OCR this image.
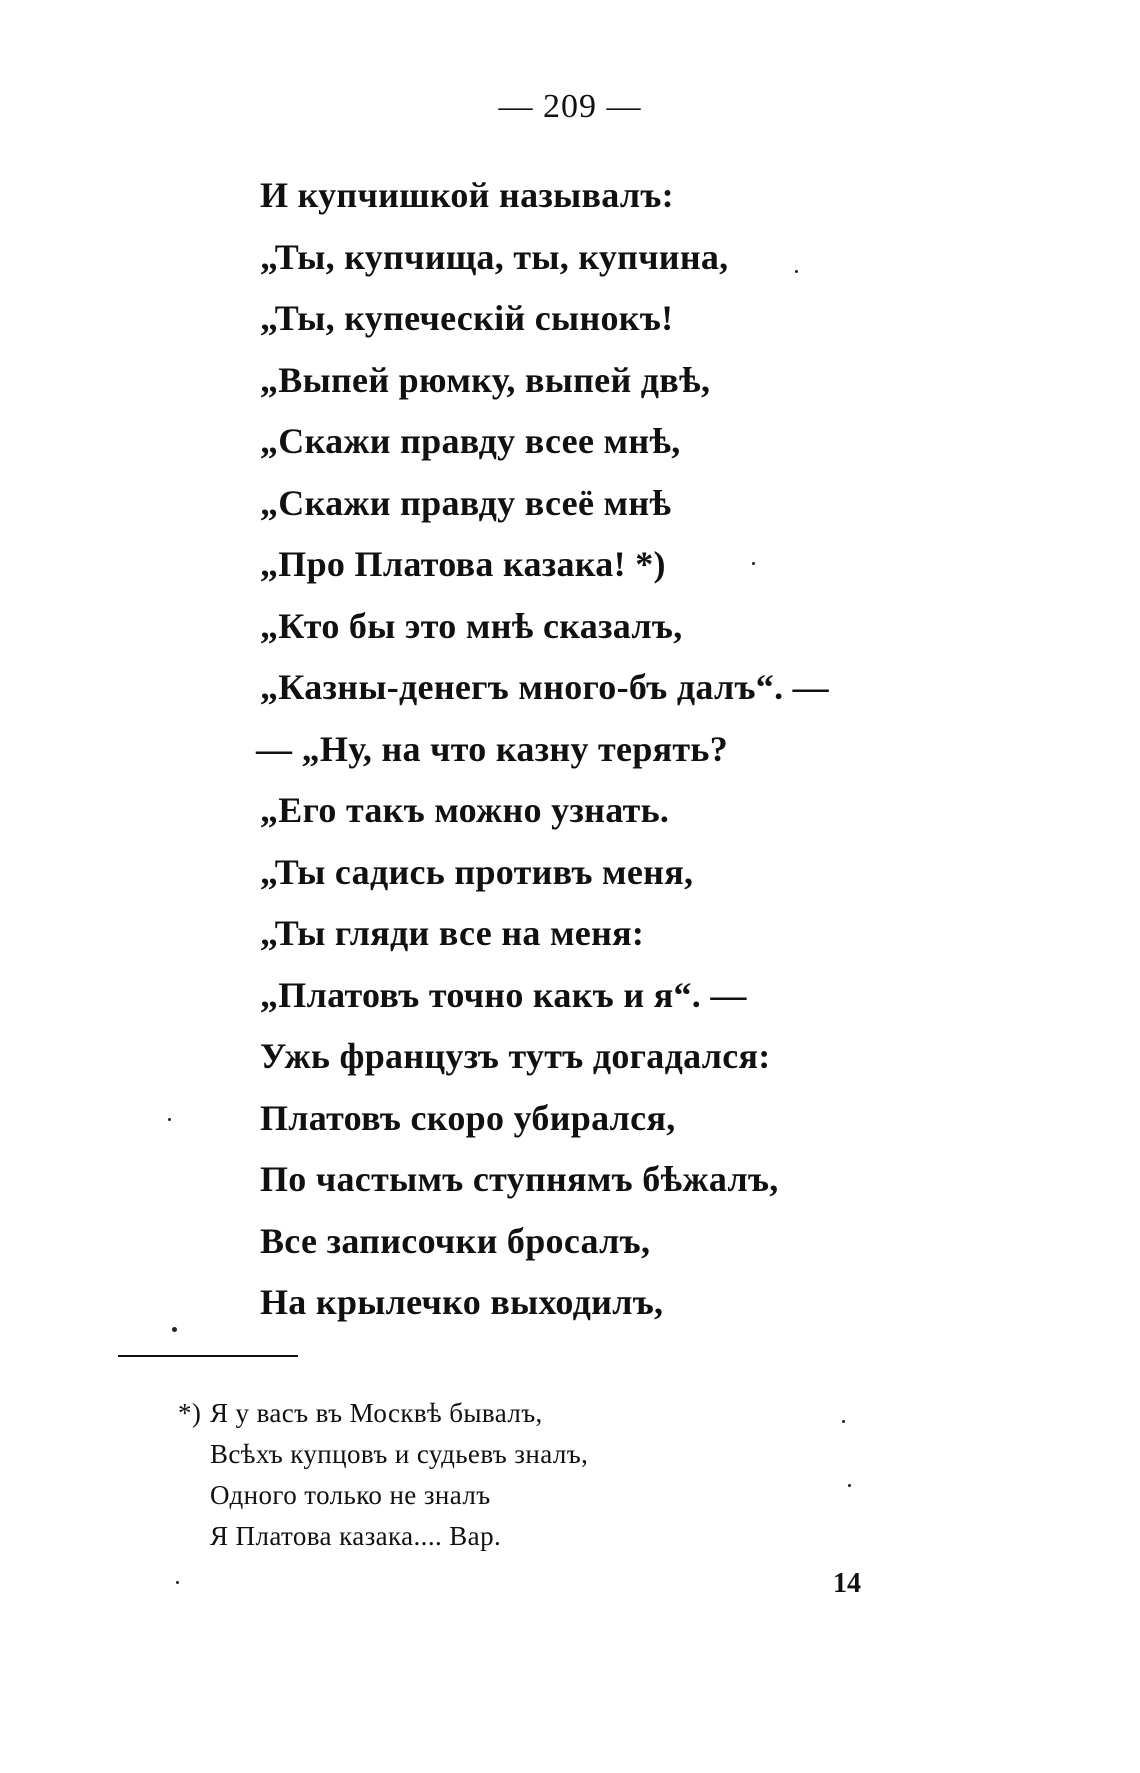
— 209 —
И купчишкой называлъ:
„Ты, купчища, ты, купчина,
„Ты, купеческій сынокъ!
„Выпей рюмку, выпей двѣ,
„Скажи правду всее мнѣ,
„Скажи правду всеё мнѣ
„Про Платова казака! *)
„Кто бы это мнѣ сказалъ,
„Казны-денегъ много-бъ далъ“. —
— „Ну, на что казну терять?
„Его такъ можно узнать.
„Ты садись противъ меня,
„Ты гляди все на меня:
„Платовъ точно какъ и я“. —
Ужь французъ тутъ догадался:
Платовъ скоро убирался,
По частымъ ступнямъ бѣжалъ,
Все записочки бросалъ,
На крылечко выходилъ,
*) Я у васъ въ Москвѣ бывалъ,
Всѣхъ купцовъ и судьевъ зналъ,
Одного только не зналъ
Я Платова казака.... Вар.
14
